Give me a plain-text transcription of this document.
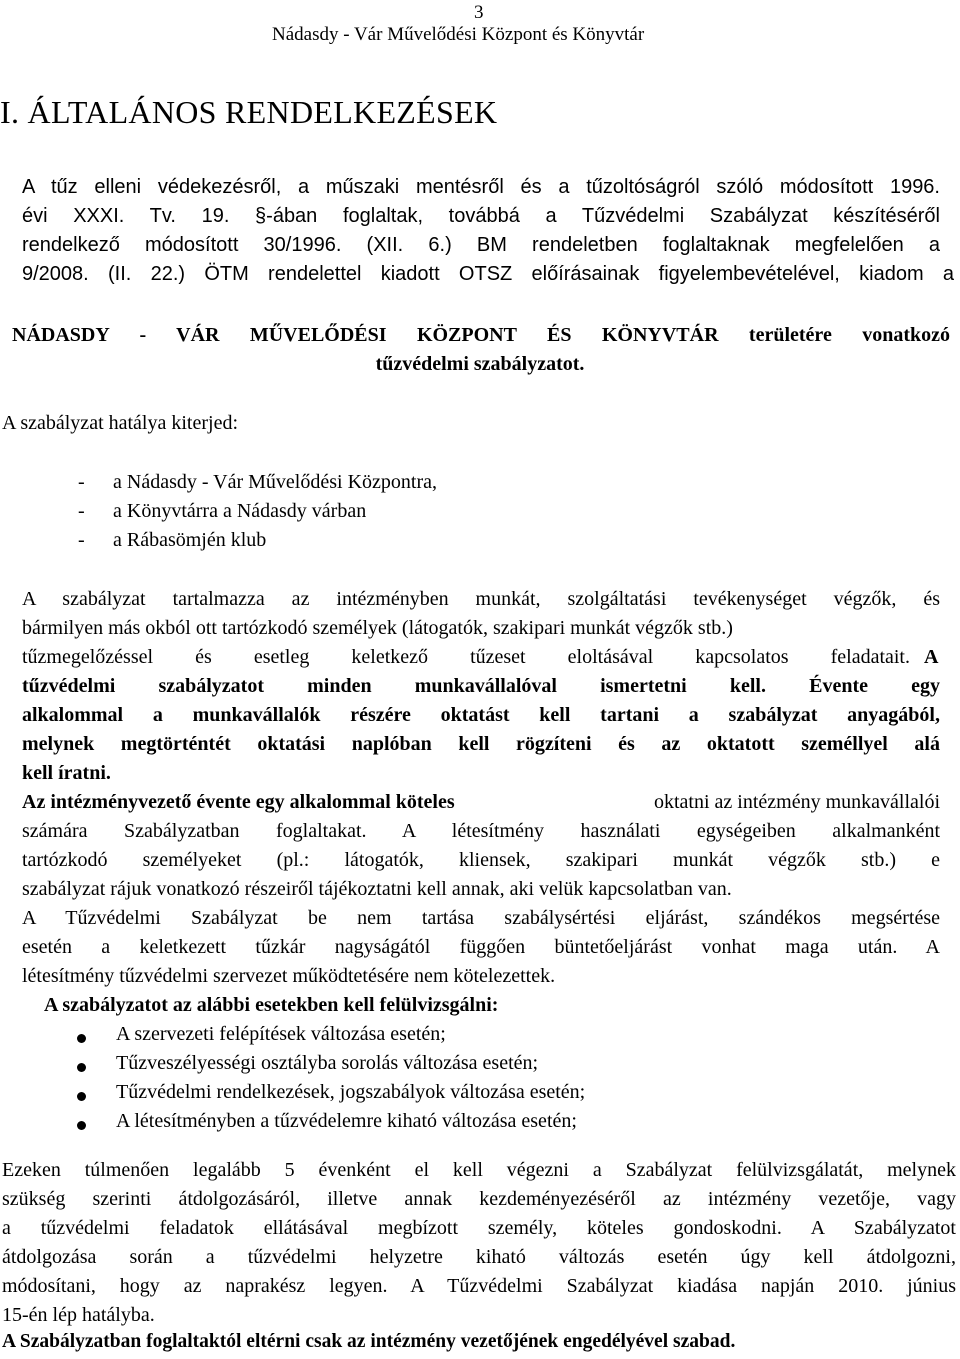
3
Nádasdy - Vár Művelődési Központ és Könyvtár
I. ÁLTALÁNOS RENDELKEZÉSEK
A tűz elleni védekezésről, a műszaki mentésről és a tűzoltóságról szóló módosított 1996.
évi XXXI. Tv. 19. §-ában foglaltak, továbbá a Tűzvédelmi Szabályzat készítéséről
rendelkező módosított 30/1996. (XII. 6.) BM rendeletben foglaltaknak megfelelően a
9/2008. (II. 22.) ÖTM rendelettel kiadott OTSZ előírásainak figyelembevételével, kiadom a
NÁDASDY - VÁR MŰVELŐDÉSI KÖZPONT ÉS KÖNYVTÁR területére vonatkozó
tűzvédelmi szabályzatot.
A szabályzat hatálya kiterjed:
- a Nádasdy - Vár Művelődési Központra,
- a Könyvtárra a Nádasdy várban
- a Rábasömjén klub
A szabályzat tartalmazza az intézményben munkát, szolgáltatási tevékenységet végzők, és
bármilyen más okból ott tartózkodó személyek (látogatók, szakipari munkát végzők stb.)
tűzmegelőzéssel és esetleg keletkező tűzeset eloltásával kapcsolatos feladatait. A
tűzvédelmi szabályzatot minden munkavállalóval ismertetni kell. Évente egy
alkalommal a munkavállalók részére oktatást kell tartani a szabályzat anyagából,
melynek megtörténtét oktatási naplóban kell rögzíteni és az oktatott személlyel alá
kell íratni.
Az intézményvezető évente egy alkalommal köteles	oktatni az intézmény munkavállalói
számára Szabályzatban foglaltakat. A létesítmény használati egységeiben alkalmanként
tartózkodó személyeket (pl.: látogatók, kliensek, szakipari munkát végzők stb.) e
szabályzat rájuk vonatkozó részeiről tájékoztatni kell annak, aki velük kapcsolatban van.
A Tűzvédelmi Szabályzat be nem tartása szabálysértési eljárást, szándékos megsértése
esetén a keletkezett tűzkár nagyságától függően büntetőeljárást vonhat maga után. A
létesítmény tűzvédelmi szervezet működtetésére nem kötelezettek.
A szabályzatot az alábbi esetekben kell felülvizsgálni:
A szervezeti felépítések változása esetén;
Tűzveszélyességi osztályba sorolás változása esetén;
Tűzvédelmi rendelkezések, jogszabályok változása esetén;
A létesítményben a tűzvédelemre kiható változása esetén;
Ezeken túlmenően legalább 5 évenként el kell végezni a Szabályzat felülvizsgálatát, melynek
szükség szerinti átdolgozásáról, illetve annak kezdeményezéséről az intézmény vezetője, vagy
a tűzvédelmi feladatok ellátásával megbízott személy, köteles gondoskodni. A Szabályzatot
átdolgozása során a tűzvédelmi helyzetre kiható változás esetén úgy kell átdolgozni,
módosítani, hogy az naprakész legyen. A Tűzvédelmi Szabályzat kiadása napján 2010. június
15-én lép hatályba.
A Szabályzatban foglaltaktól eltérni csak az intézmény vezetőjének engedélyével szabad.
